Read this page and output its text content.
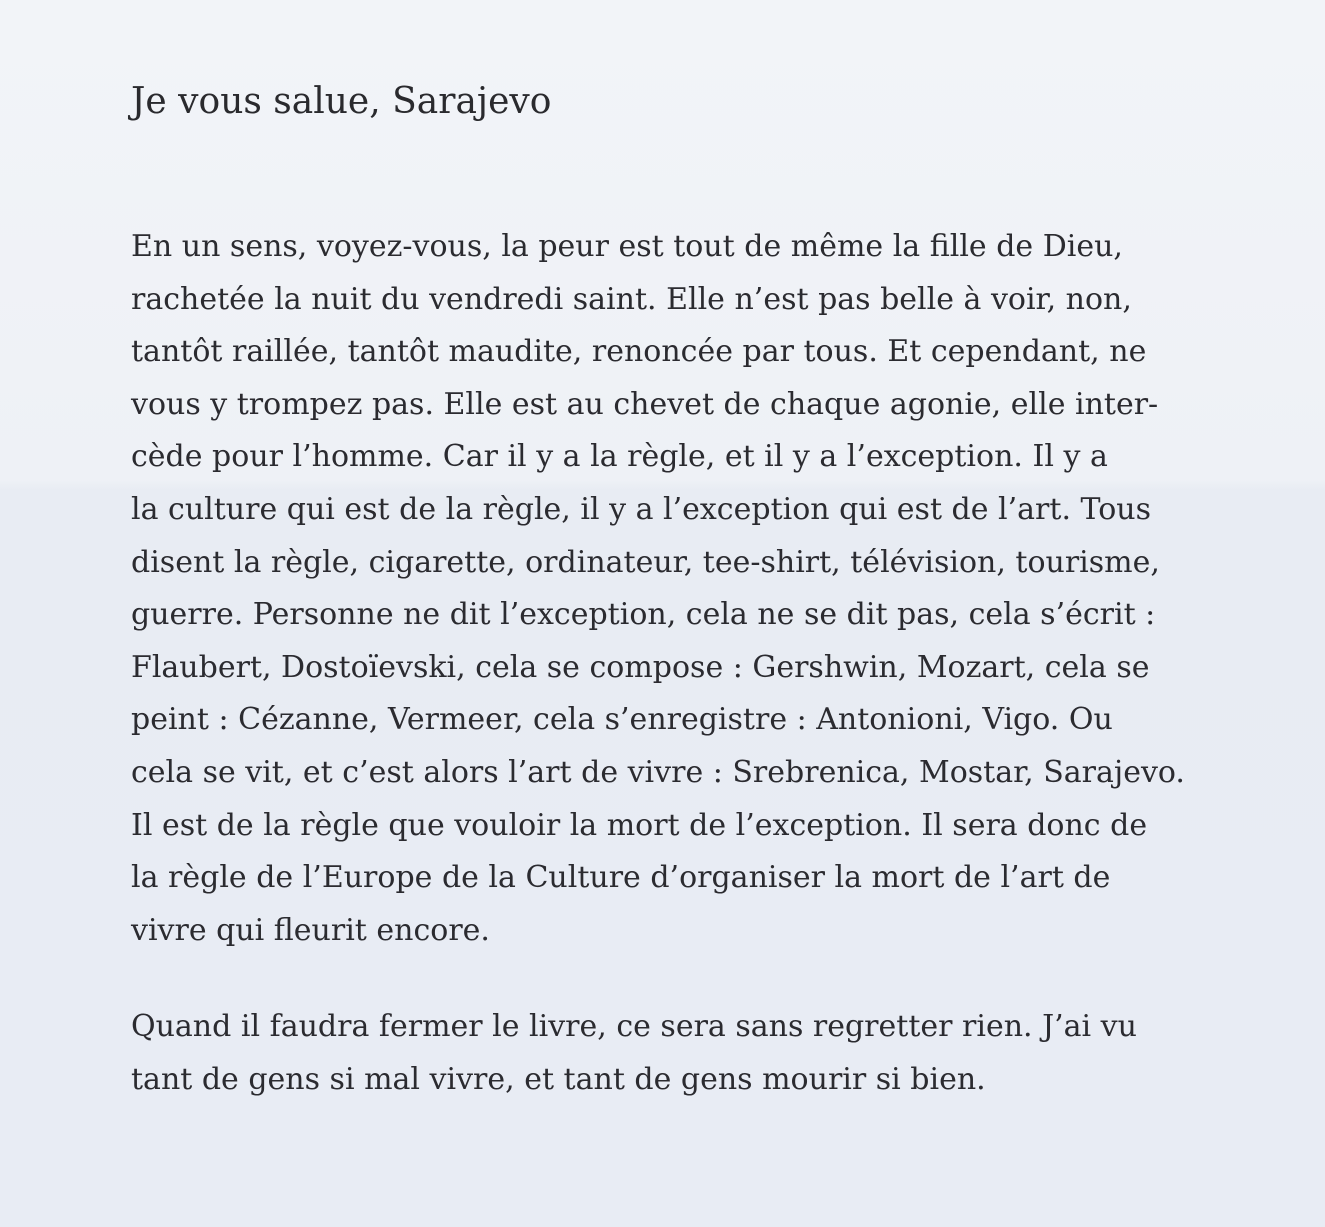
Je vous salue, Sarajevo

En un sens, voyez-vous, la peur est tout de même la fille de Dieu,
rachetée la nuit du vendredi saint. Elle n’est pas belle à voir, non,
tantôt raillée, tantôt maudite, renoncée par tous. Et cependant, ne
vous y trompez pas. Elle est au chevet de chaque agonie, elle inter-
cède pour l’homme. Car il y a la règle, et il y a l’exception. Il y a
la culture qui est de la règle, il y a l’exception qui est de l’art. Tous
disent la règle, cigarette, ordinateur, tee-shirt, télévision, tourisme,
guerre. Personne ne dit l’exception, cela ne se dit pas, cela s’écrit :
Flaubert, Dostoïevski, cela se compose : Gershwin, Mozart, cela se
peint : Cézanne, Vermeer, cela s’enregistre : Antonioni, Vigo. Ou
cela se vit, et c’est alors l’art de vivre : Srebrenica, Mostar, Sarajevo.
Il est de la règle que vouloir la mort de l’exception. Il sera donc de
la règle de l’Europe de la Culture d’organiser la mort de l’art de
vivre qui fleurit encore.

Quand il faudra fermer le livre, ce sera sans regretter rien. J’ai vu
tant de gens si mal vivre, et tant de gens mourir si bien.
